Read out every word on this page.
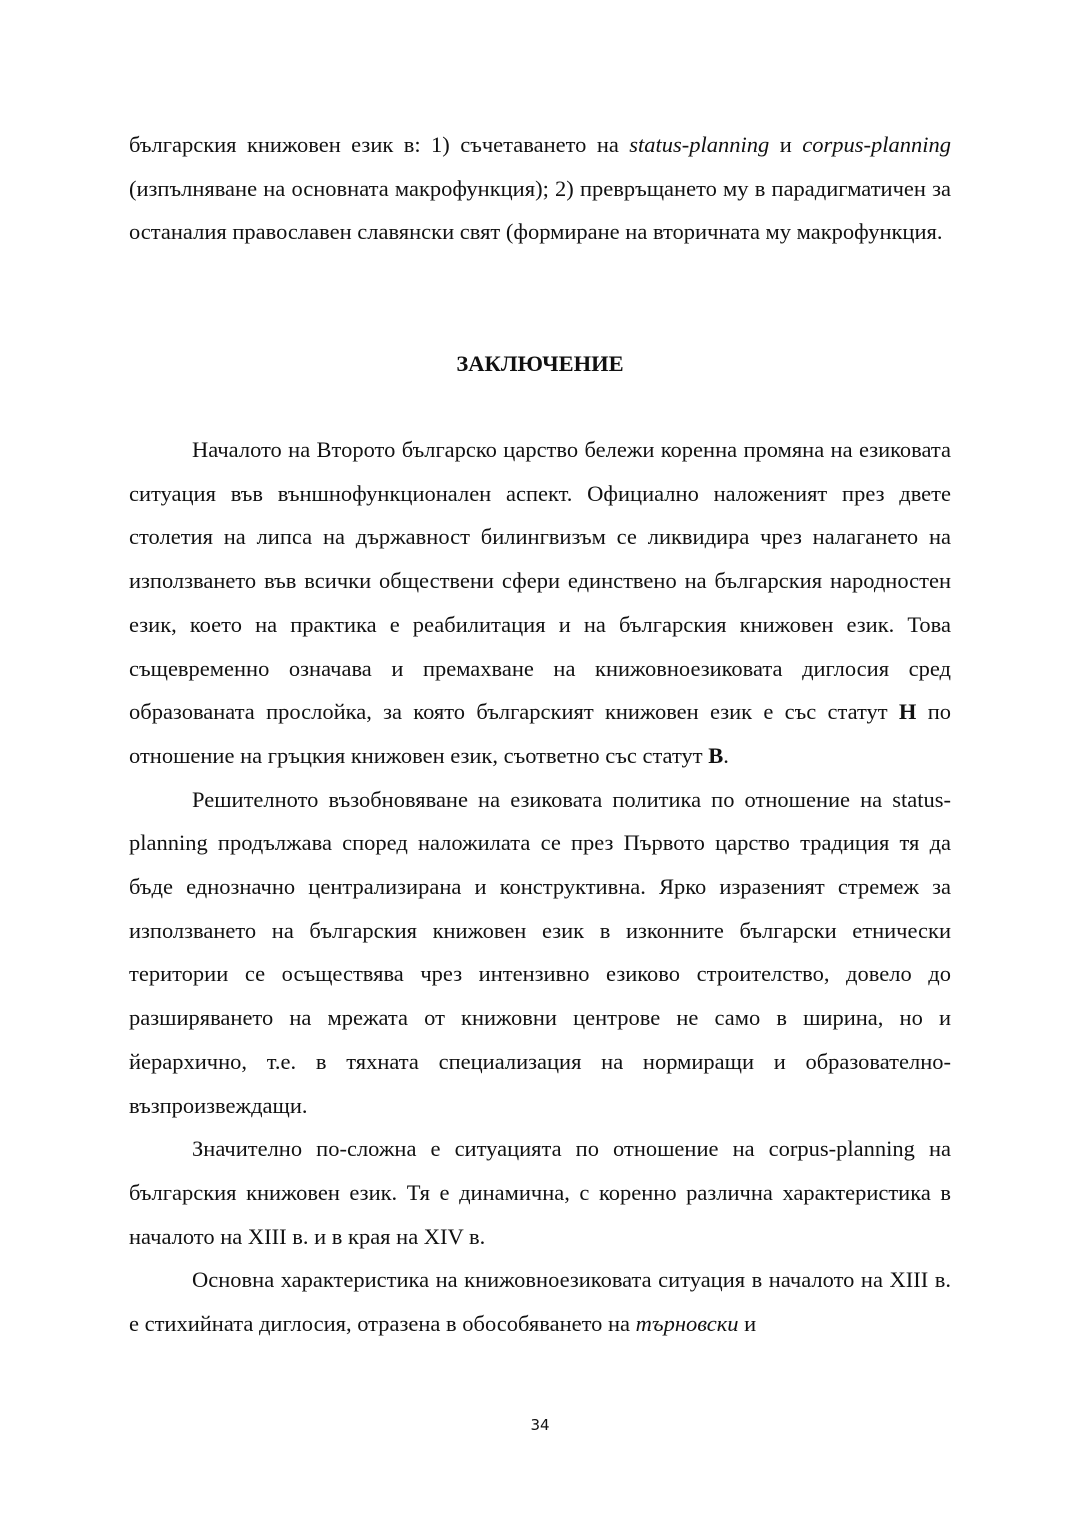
българския книжовен език в: 1) съчетаването на status-planning и corpus-planning (изпълняване на основната макрофункция); 2) превръщането му в парадигматичен за останалия православен славянски свят (формиране на вторичната му макрофункция.

ЗАКЛЮЧЕНИЕ

Началото на Второто българско царство бележи коренна промяна на езиковата ситуация във външнофункционален аспект. Официално наложеният през двете столетия на липса на държавност билингвизъм се ликвидира чрез налагането на използването във всички обществени сфери единствено на българския народностен език, което на практика е реабилитация и на българския книжовен език. Това същевременно означава и премахване на книжовноезиковата диглосия сред образованата прослойка, за която българският книжовен език е със статут H по отношение на гръцкия книжовен език, съответно със статут B.

Решителното възобновяване на езиковата политика по отношение на status-planning продължава според наложилата се през Първото царство традиция тя да бъде еднозначно централизирана и конструктивна. Ярко изразеният стремеж за използването на българския книжовен език в изконните български етнически територии се осъществява чрез интензивно езиково строителство, довело до разширяването на мрежата от книжовни центрове не само в ширина, но и йерархично, т.е. в тяхната специализация на нормиращи и образователно-възпроизвеждащи.

Значително по-сложна е ситуацията по отношение на corpus-planning на българския книжовен език. Тя е динамична, с коренно различна характеристика в началото на XIII в. и в края на XIV в.

Основна характеристика на книжовноезиковата ситуация в началото на XIII в. е стихийната диглосия, отразена в обособяването на търновски и

34
